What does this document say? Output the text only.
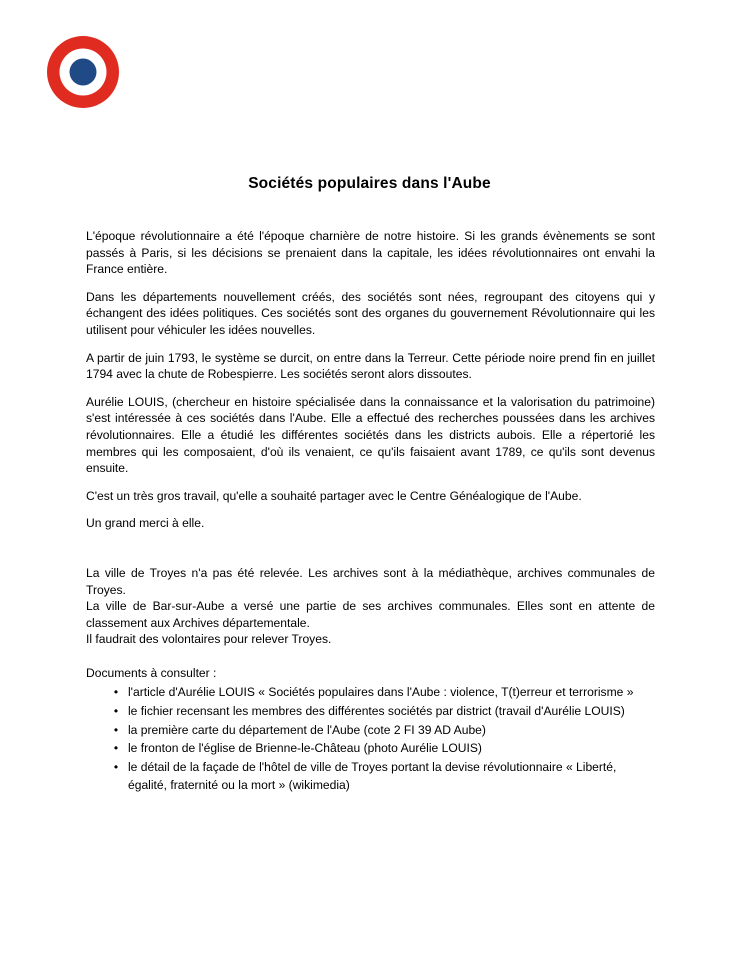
Sociétés populaires dans l'Aube

L'époque révolutionnaire a été l'époque charnière de notre histoire. Si les grands évènements se sont passés à Paris, si les décisions se prenaient dans la capitale, les idées révolutionnaires ont envahi la France entière.

Dans les départements nouvellement créés, des sociétés sont nées, regroupant des citoyens qui y échangent des idées politiques. Ces sociétés sont des organes du gouvernement Révolutionnaire qui les utilisent pour véhiculer les idées nouvelles.

A partir de juin 1793, le système se durcit, on entre dans la Terreur. Cette période noire prend fin en juillet 1794 avec la chute de Robespierre. Les sociétés seront alors dissoutes.

Aurélie LOUIS, (chercheur en histoire spécialisée dans la connaissance et la valorisation du patrimoine) s'est intéressée à ces sociétés dans l'Aube. Elle a effectué des recherches poussées dans les archives révolutionnaires. Elle a étudié les différentes sociétés dans les districts aubois. Elle a répertorié les membres qui les composaient, d'où ils venaient, ce qu'ils faisaient avant 1789, ce qu'ils sont devenus ensuite.

C'est un très gros travail, qu'elle a souhaité partager avec le Centre Généalogique de l'Aube.

Un grand merci à elle.

La ville de Troyes n'a pas été relevée. Les archives sont à la médiathèque, archives communales de Troyes.
La ville de Bar-sur-Aube a versé une partie de ses archives communales. Elles sont en attente de classement aux Archives départementale.
Il faudrait des volontaires pour relever Troyes.

Documents à consulter :

• l'article d'Aurélie LOUIS « Sociétés populaires dans l'Aube : violence, T(t)erreur et terrorisme »
• le fichier recensant les membres des différentes sociétés par district (travail d'Aurélie LOUIS)
• la première carte du département de l'Aube (cote 2 FI 39 AD Aube)
• le fronton de l'église de Brienne-le-Château (photo Aurélie LOUIS)
• le détail de la façade de l'hôtel de ville de Troyes portant la devise révolutionnaire « Liberté, égalité, fraternité ou la mort » (wikimedia)
